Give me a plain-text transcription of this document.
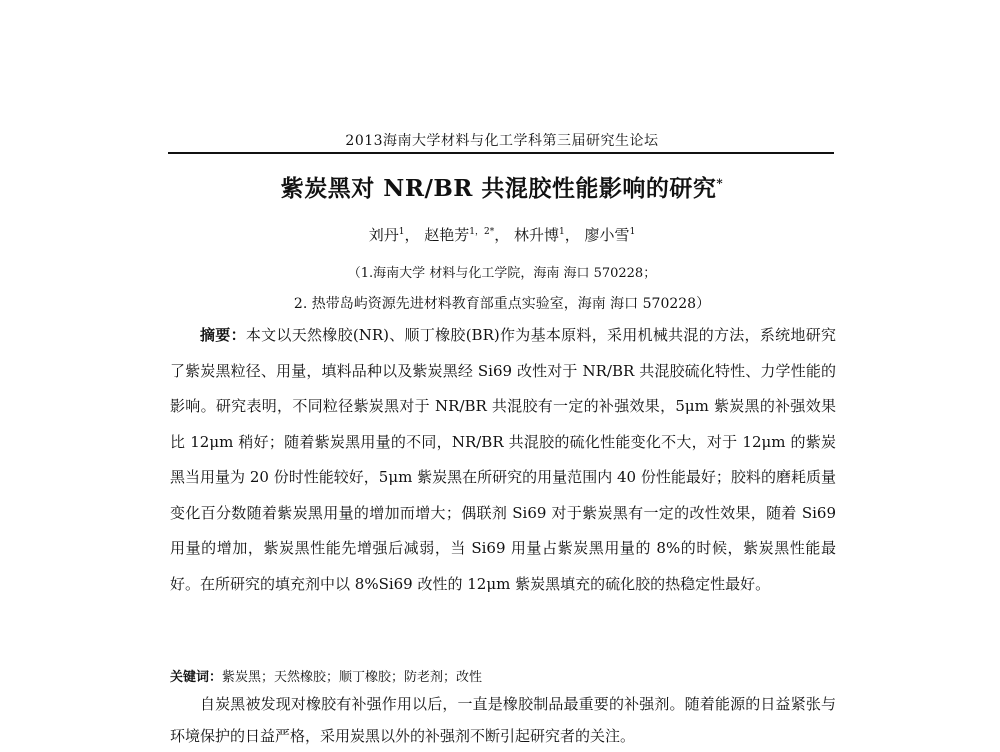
2013海南大学材料与化工学科第三届研究生论坛
紫炭黑对 NR/BR 共混胶性能影响的研究*
刘丹$^1$， 赵艳芳$^{1,2*}$， 林升博$^1$， 廖小雪$^1$
（1.海南大学 材料与化工学院，海南 海口 570228；
2. 热带岛屿资源先进材料教育部重点实验室，海南 海口 570228）

摘要：本文以天然橡胶(NR)、顺丁橡胶(BR)作为基本原料，采用机械共混的方法，系统地研究了紫炭黑粒径、用量，填料品种以及紫炭黑经 Si69 改性对于 NR/BR 共混胶硫化特性、力学性能的影响。研究表明，不同粒径紫炭黑对于 NR/BR 共混胶有一定的补强效果，5μm 紫炭黑的补强效果比 12μm 稍好；随着紫炭黑用量的不同，NR/BR 共混胶的硫化性能变化不大，对于 12μm 的紫炭黑当用量为 20 份时性能较好，5μm 紫炭黑在所研究的用量范围内 40 份性能最好；胶料的磨耗质量变化百分数随着紫炭黑用量的增加而增大；偶联剂 Si69 对于紫炭黑有一定的改性效果，随着 Si69 用量的增加，紫炭黑性能先增强后减弱，当 Si69 用量占紫炭黑用量的 8%的时候，紫炭黑性能最好。在所研究的填充剂中以 8%Si69 改性的 12μm 紫炭黑填充的硫化胶的热稳定性最好。

关键词：紫炭黑；天然橡胶；顺丁橡胶；防老剂；改性

自炭黑被发现对橡胶有补强作用以后，一直是橡胶制品最重要的补强剂。随着能源的日益紧张与环境保护的日益严格，采用炭黑以外的补强剂不断引起研究者的关注。
